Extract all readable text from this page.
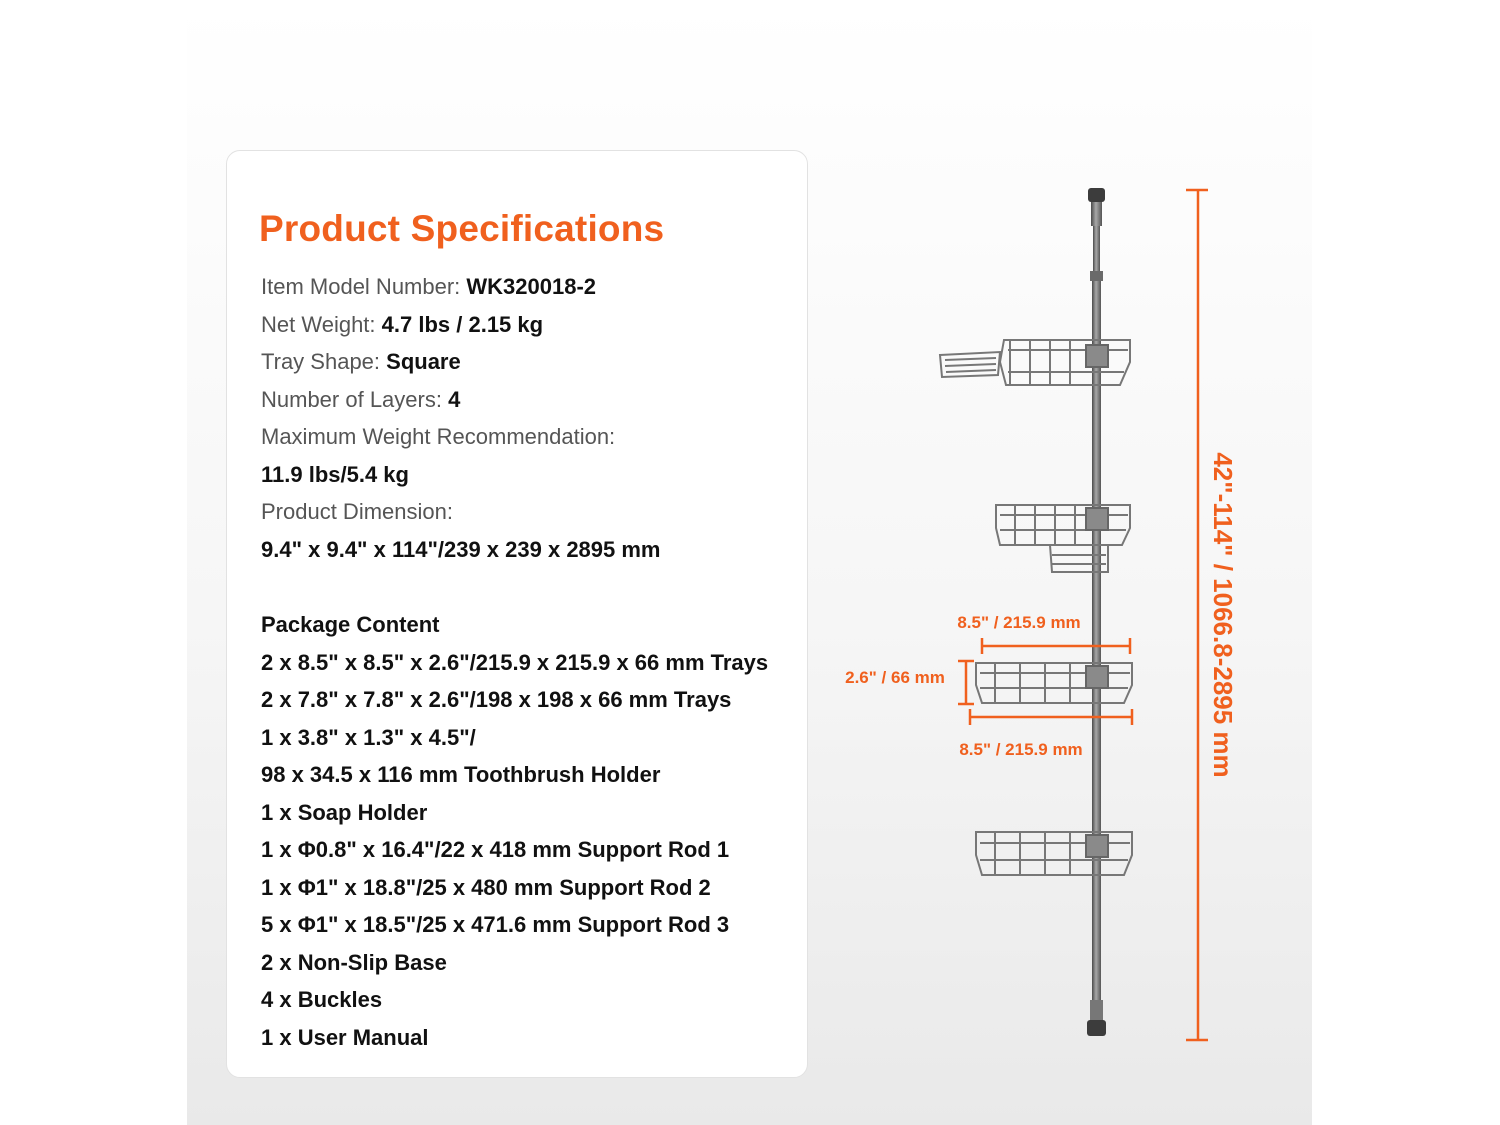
Product Specifications
Item Model Number: WK320018-2
Net Weight: 4.7 lbs / 2.15 kg
Tray Shape: Square
Number of Layers: 4
Maximum Weight Recommendation:
11.9 lbs/5.4 kg
Product Dimension:
9.4" x 9.4" x 114"/239 x 239 x 2895 mm
Package Content
2 x 8.5" x 8.5" x 2.6"/215.9 x 215.9 x 66 mm Trays
2 x 7.8" x 7.8" x 2.6"/198 x 198 x 66 mm Trays
1 x 3.8" x 1.3" x 4.5"/
98 x 34.5 x 116 mm Toothbrush Holder
1 x Soap Holder
1 x Φ0.8" x 16.4"/22 x 418 mm Support Rod 1
1 x Φ1" x 18.8"/25 x 480 mm Support Rod 2
5 x Φ1" x 18.5"/25 x 471.6 mm Support Rod 3
2 x Non-Slip Base
4 x Buckles
1 x User Manual
8.5" / 215.9 mm
2.6" / 66 mm
8.5" / 215.9 mm	42"-114" / 1066.8-2895 mm
